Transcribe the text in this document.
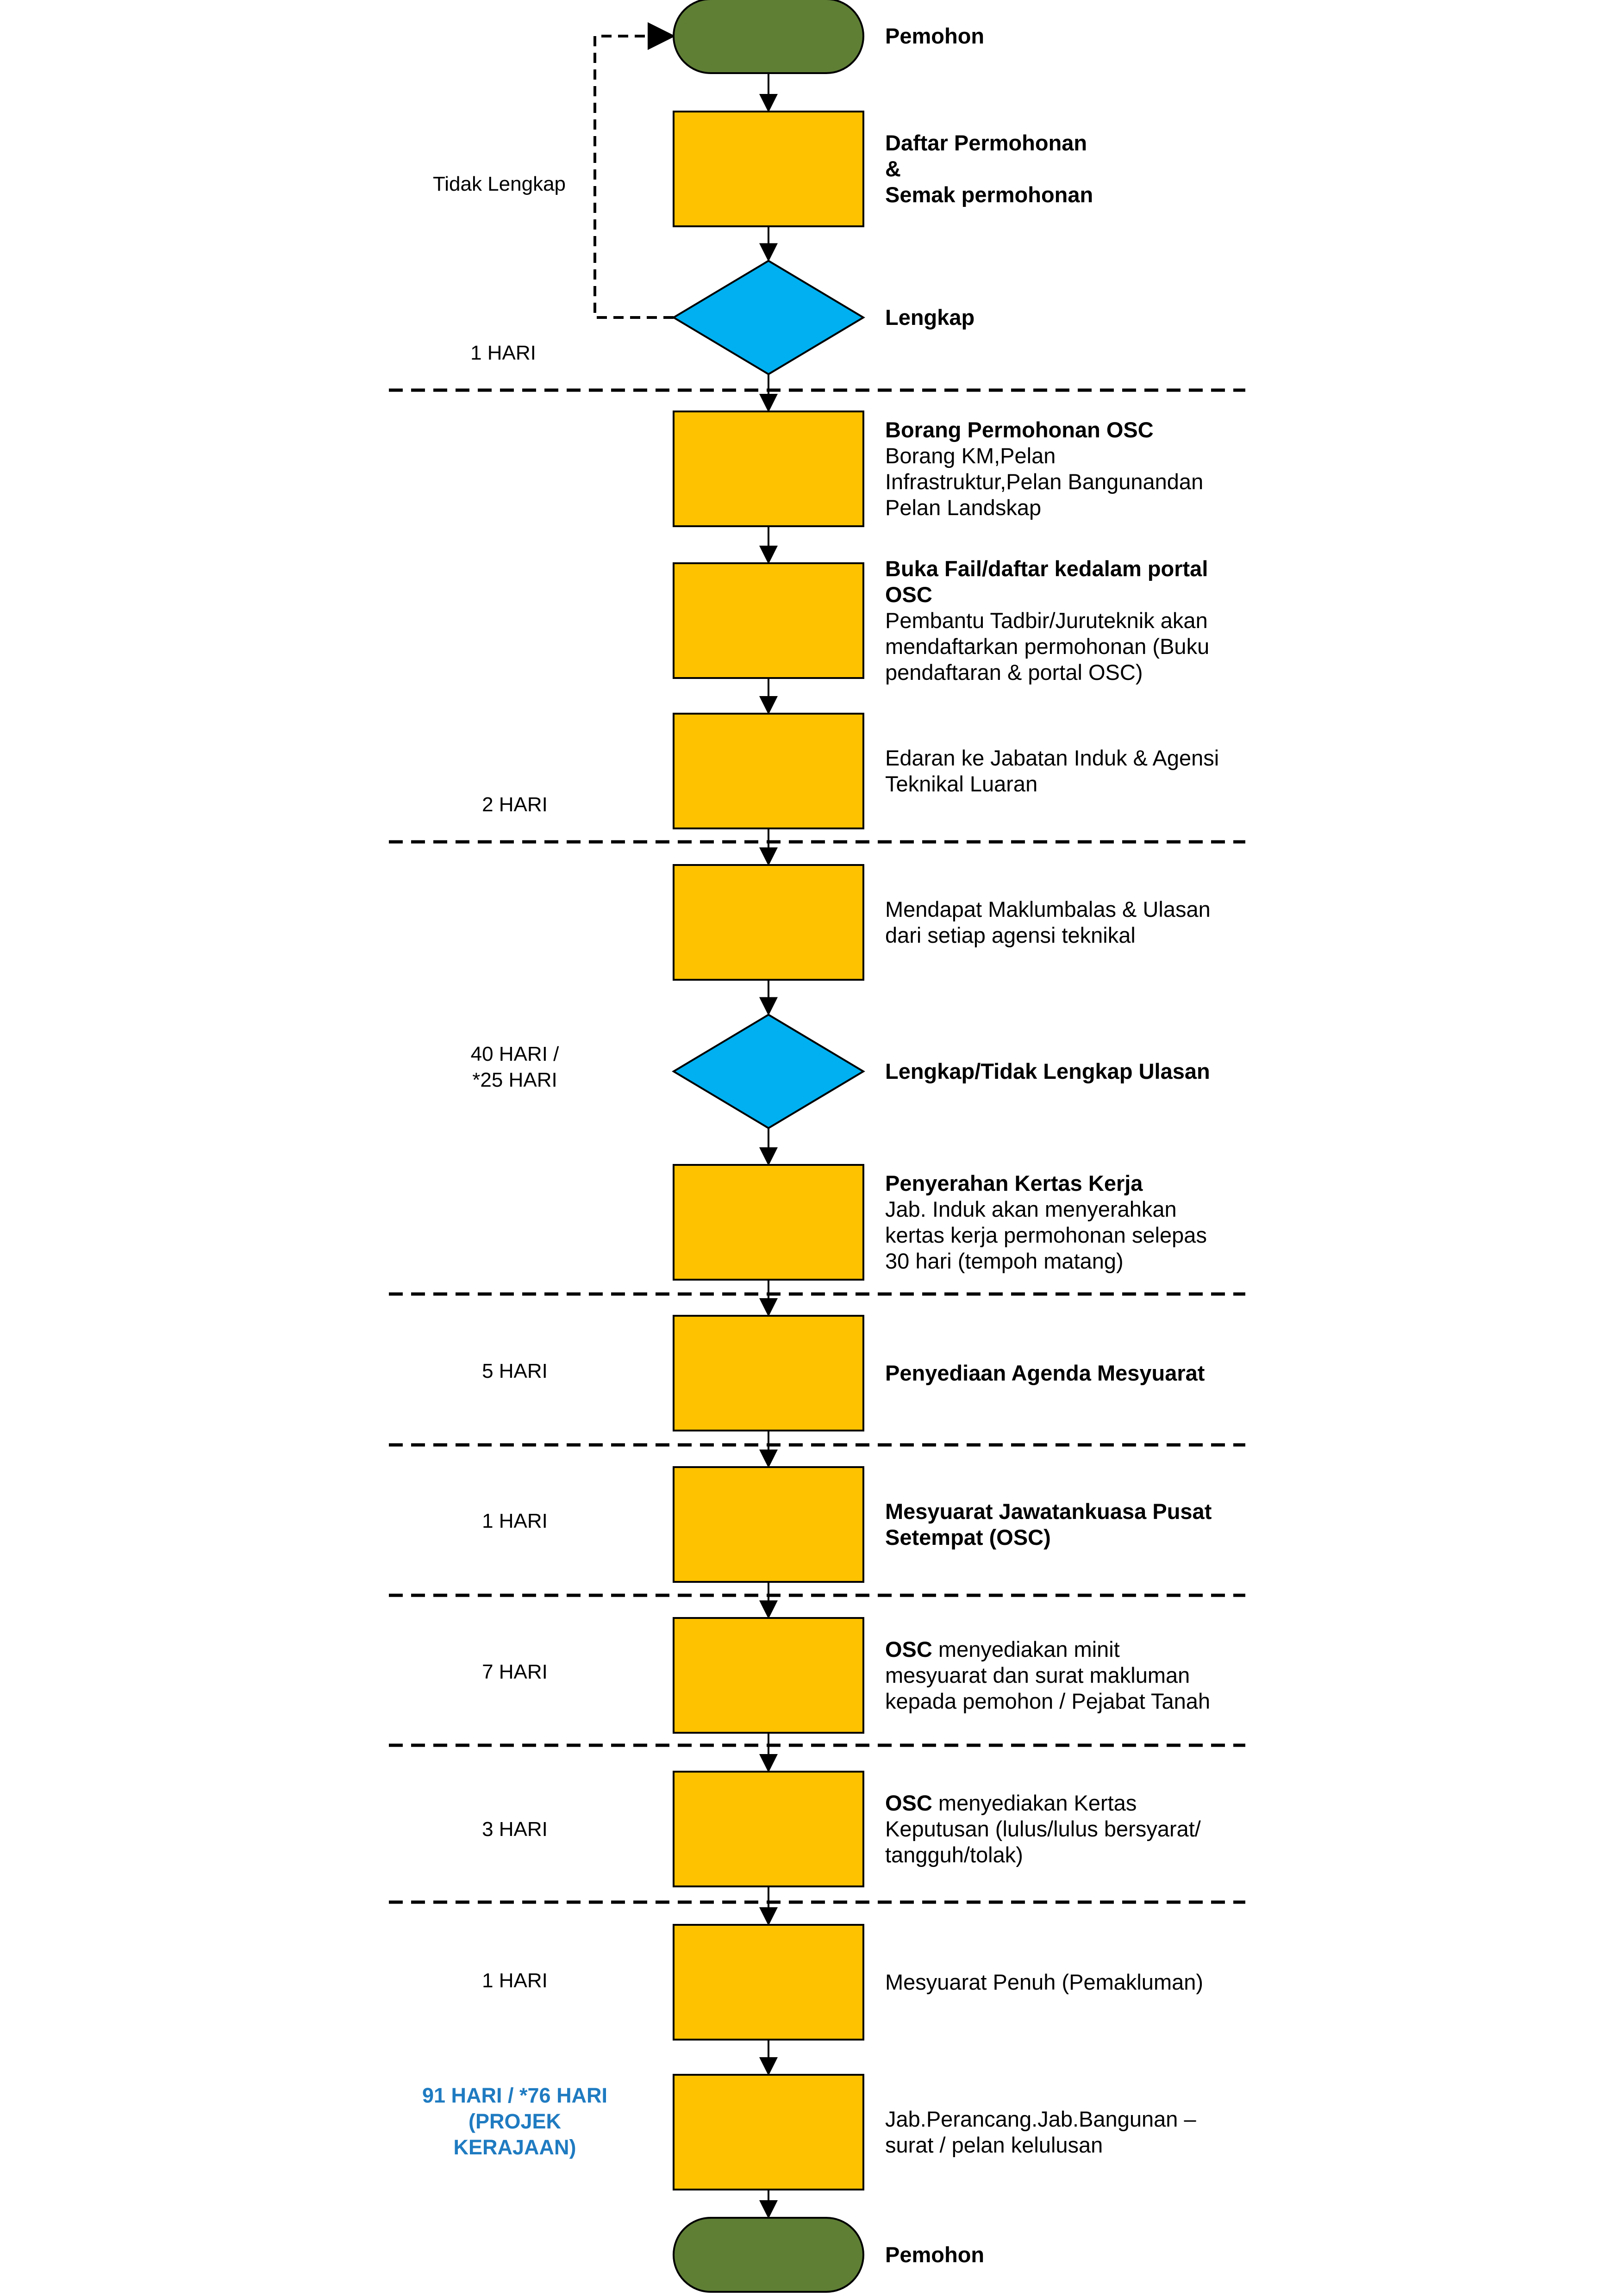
Pemohon
Pemohon
Tidak Lengkap
Daftar Permohonan
&
Semak permohonan
Lengkap
Borang Permohonan OSC
Borang KM,Pelan
Infrastruktur,Pelan Bangunandan
Pelan Landskap
Buka Fail/daftar kedalam portal
OSC
Pembantu Tadbir/Juruteknik akan
mendaftarkan permohonan (Buku
pendaftaran & portal OSC)
Edaran ke Jabatan Induk & Agensi
Teknikal Luaran
Mendapat Maklumbalas & Ulasan
dari setiap agensi teknikal
Lengkap/Tidak Lengkap Ulasan
Penyerahan Kertas Kerja
Jab. Induk akan menyerahkan
kertas kerja permohonan selepas
30 hari (tempoh matang)
Penyediaan Agenda Mesyuarat
Mesyuarat Jawatankuasa Pusat
Setempat (OSC)
OSC menyediakan minit
mesyuarat dan surat makluman
kepada pemohon / Pejabat Tanah
OSC menyediakan Kertas
Keputusan (lulus/lulus bersyarat/
tangguh/tolak)
Mesyuarat Penuh (Pemakluman)
Jab.Perancang.Jab.Bangunan –
surat / pelan kelulusan
1 HARI
2 HARI
40 HARI /
*25 HARI
5 HARI
1 HARI
7 HARI
3 HARI
1 HARI
91 HARI / *76 HARI
(PROJEK
KERAJAAN)
